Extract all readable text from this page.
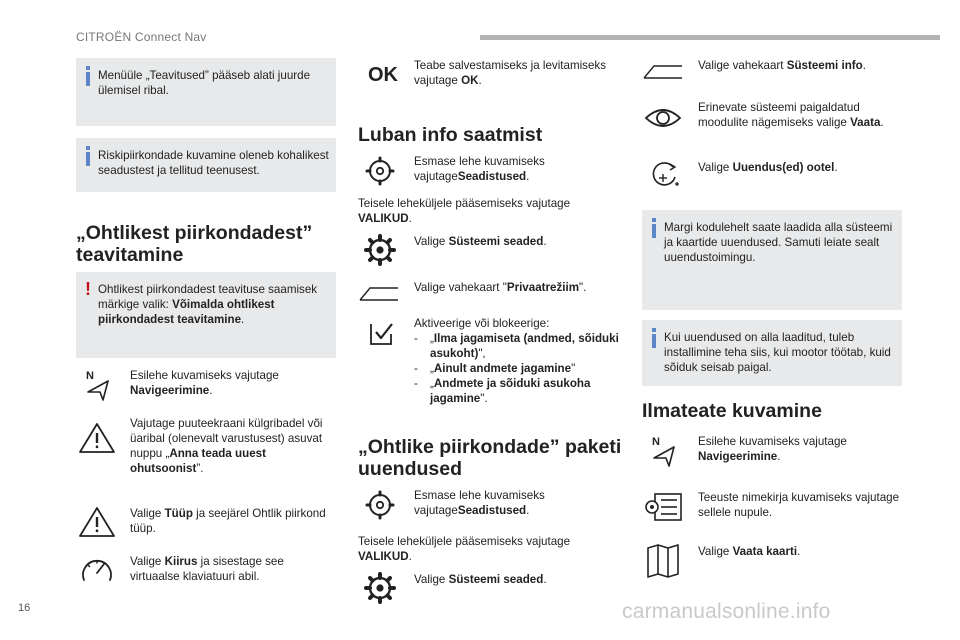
CITROËN Connect Nav
Menüüle „Teavitused” pääseb alati juurde ülemisel ribal.
Riskipiirkondade kuvamine oleneb kohalikest seadustest ja tellitud teenusest.
„Ohtlikest piirkondadest” teavitamine
! Ohtlikest piirkondadest teavituse saamisek märkige valik: Võimalda ohtlikest piirkondadest teavitamine.
N	Esilehe kuvamiseks vajutage Navigeerimine.
Vajutage puuteekraani külgribadel või üaribal (olenevalt varustusest) asuvat nuppu „Anna teada uuest ohutsoonist”.
Valige Tüüp ja seejärel Ohtlik piirkond tüüp.
Valige Kiirus ja sisestage see virtuaalse klaviatuuri abil.
OK Teabe salvestamiseks ja levitamiseks vajutage OK.
Luban info saatmist
Esmase lehe kuvamiseks vajutageSeadistused.
Teisele leheküljele pääsemiseks vajutage VALIKUD.
Valige Süsteemi seaded.
Valige vahekaart "Privaatrežiim".
Aktiveerige või blokeerige:
- „Ilma jagamiseta (andmed, sõiduki asukoht)",
- „Ainult andmete jagamine"
- „Andmete ja sõiduki asukoha jagamine".
„Ohtlike piirkondade” paketi uuendused
Esmase lehe kuvamiseks vajutageSeadistused.
Teisele leheküljele pääsemiseks vajutage VALIKUD.
Valige Süsteemi seaded.
Valige vahekaart Süsteemi info.
Erinevate süsteemi paigaldatud moodulite nägemiseks valige Vaata.
Valige Uuendus(ed) ootel.
Margi kodulehelt saate laadida alla süsteemi ja kaartide uuendused. Samuti leiate sealt uuendustoimingu.
Kui uuendused on alla laaditud, tuleb installimine teha siis, kui mootor töötab, kuid sõiduk seisab paigal.
Ilmateate kuvamine
N	Esilehe kuvamiseks vajutage Navigeerimine.
Teeuste nimekirja kuvamiseks vajutage sellele nupule.
Valige Vaata kaarti.
16	carmanualsonline.info
